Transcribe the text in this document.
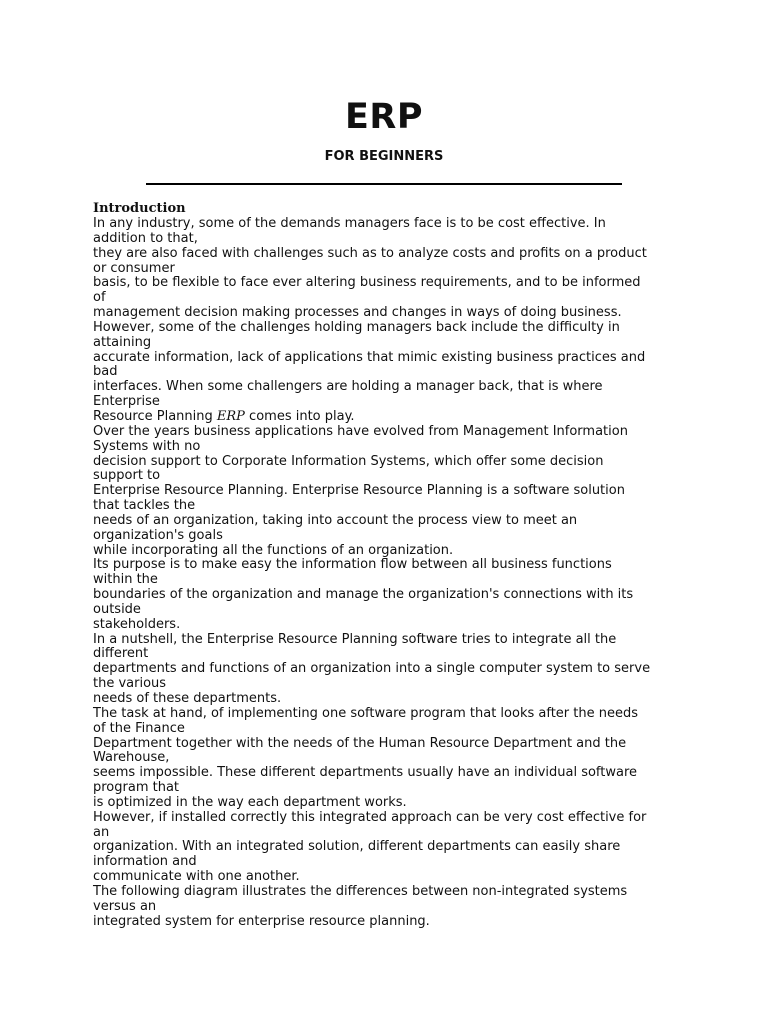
ERP
FOR BEGINNERS
Introduction
In any industry, some of the demands managers face is to be cost effective. In
addition to that,
they are also faced with challenges such as to analyze costs and profits on a product
or consumer
basis, to be flexible to face ever altering business requirements, and to be informed
of
management decision making processes and changes in ways of doing business.
However, some of the challenges holding managers back include the difficulty in
attaining
accurate information, lack of applications that mimic existing business practices and
bad
interfaces. When some challengers are holding a manager back, that is where
Enterprise
Resource Planning ERP comes into play.
Over the years business applications have evolved from Management Information
Systems with no
decision support to Corporate Information Systems, which offer some decision
support to
Enterprise Resource Planning. Enterprise Resource Planning is a software solution
that tackles the
needs of an organization, taking into account the process view to meet an
organization's goals
while incorporating all the functions of an organization.
Its purpose is to make easy the information flow between all business functions
within the
boundaries of the organization and manage the organization's connections with its
outside
stakeholders.
In a nutshell, the Enterprise Resource Planning software tries to integrate all the
different
departments and functions of an organization into a single computer system to serve
the various
needs of these departments.
The task at hand, of implementing one software program that looks after the needs
of the Finance
Department together with the needs of the Human Resource Department and the
Warehouse,
seems impossible. These different departments usually have an individual software
program that
is optimized in the way each department works.
However, if installed correctly this integrated approach can be very cost effective for
an
organization. With an integrated solution, different departments can easily share
information and
communicate with one another.
The following diagram illustrates the differences between non-integrated systems
versus an
integrated system for enterprise resource planning.
